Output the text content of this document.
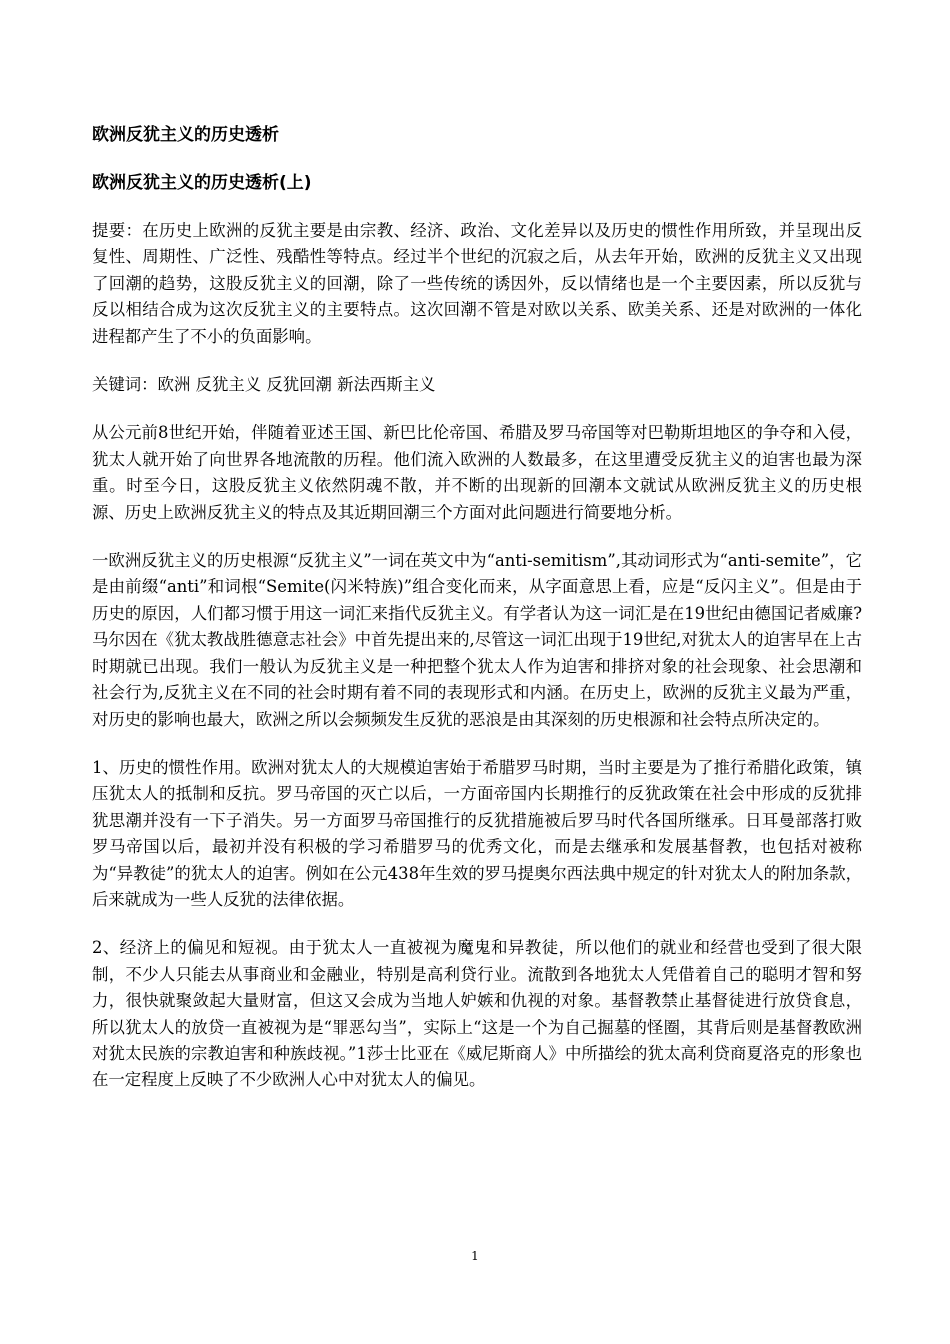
欧洲反犹主义的历史透析
欧洲反犹主义的历史透析(上)

提要：在历史上欧洲的反犹主要是由宗教、经济、政治、文化差异以及历史的惯性作用所致，并呈现出反复性、周期性、广泛性、残酷性等特点。经过半个世纪的沉寂之后，从去年开始，欧洲的反犹主义又出现了回潮的趋势，这股反犹主义的回潮，除了一些传统的诱因外，反以情绪也是一个主要因素，所以反犹与反以相结合成为这次反犹主义的主要特点。这次回潮不管是对欧以关系、欧美关系、还是对欧洲的一体化进程都产生了不小的负面影响。

关键词：欧洲 反犹主义 反犹回潮 新法西斯主义

从公元前8世纪开始，伴随着亚述王国、新巴比伦帝国、希腊及罗马帝国等对巴勒斯坦地区的争夺和入侵，犹太人就开始了向世界各地流散的历程。他们流入欧洲的人数最多，在这里遭受反犹主义的迫害也最为深重。时至今日，这股反犹主义依然阴魂不散，并不断的出现新的回潮本文就试从欧洲反犹主义的历史根源、历史上欧洲反犹主义的特点及其近期回潮三个方面对此问题进行简要地分析。

一欧洲反犹主义的历史根源“反犹主义”一词在英文中为“anti-semitism”,其动词形式为“anti-semite”，它是由前缀“anti”和词根“Semite(闪米特族)”组合变化而来，从字面意思上看，应是“反闪主义”。但是由于历史的原因，人们都习惯于用这一词汇来指代反犹主义。有学者认为这一词汇是在19世纪由德国记者威廉?马尔因在《犹太教战胜德意志社会》中首先提出来的,尽管这一词汇出现于19世纪,对犹太人的迫害早在上古时期就已出现。我们一般认为反犹主义是一种把整个犹太人作为迫害和排挤对象的社会现象、社会思潮和社会行为,反犹主义在不同的社会时期有着不同的表现形式和内涵。在历史上，欧洲的反犹主义最为严重，对历史的影响也最大，欧洲之所以会频频发生反犹的恶浪是由其深刻的历史根源和社会特点所决定的。

1、历史的惯性作用。欧洲对犹太人的大规模迫害始于希腊罗马时期，当时主要是为了推行希腊化政策，镇压犹太人的抵制和反抗。罗马帝国的灭亡以后，一方面帝国内长期推行的反犹政策在社会中形成的反犹排犹思潮并没有一下子消失。另一方面罗马帝国推行的反犹措施被后罗马时代各国所继承。日耳曼部落打败罗马帝国以后，最初并没有积极的学习希腊罗马的优秀文化，而是去继承和发展基督教，也包括对被称为“异教徒”的犹太人的迫害。例如在公元438年生效的罗马提奥尔西法典中规定的针对犹太人的附加条款，后来就成为一些人反犹的法律依据。

2、经济上的偏见和短视。由于犹太人一直被视为魔鬼和异教徒，所以他们的就业和经营也受到了很大限制，不少人只能去从事商业和金融业，特别是高利贷行业。流散到各地犹太人凭借着自己的聪明才智和努力，很快就聚敛起大量财富，但这又会成为当地人妒嫉和仇视的对象。基督教禁止基督徒进行放贷食息，所以犹太人的放贷一直被视为是“罪恶勾当”，实际上“这是一个为自己掘墓的怪圈，其背后则是基督教欧洲对犹太民族的宗教迫害和种族歧视。”1莎士比亚在《威尼斯商人》中所描绘的犹太高利贷商夏洛克的形象也在一定程度上反映了不少欧洲人心中对犹太人的偏见。

1
